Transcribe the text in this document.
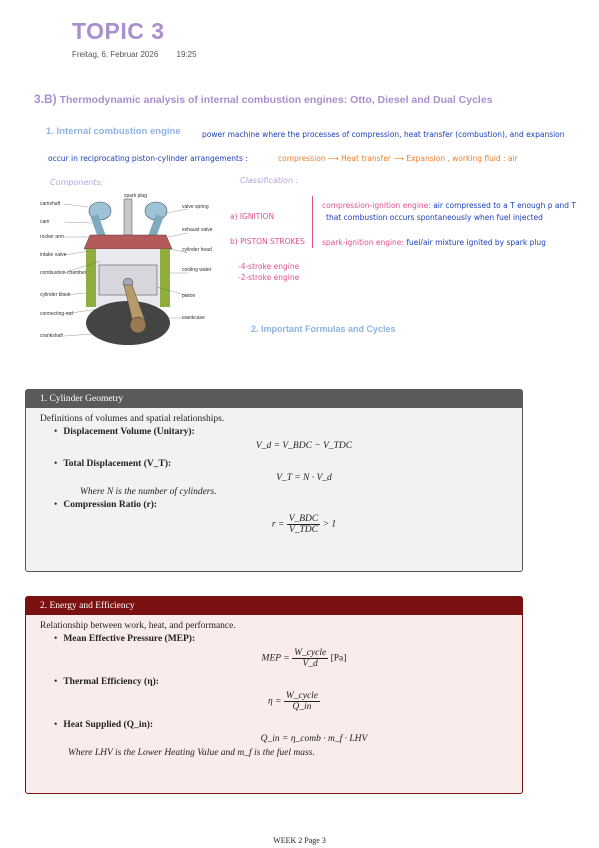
TOPIC 3
Freitag, 6. Februar 2026 19:25
3.B) Thermodynamic analysis of internal combustion engines: Otto, Diesel and Dual Cycles
1. Internal combustion engine	power machine where the processes of compression, heat transfer (combustion), and expansion
occur in reciprocating piston-cylinder arrangements :	compression ⟶ Heat transfer ⟶ Expansion , working fluid : air
Components:	Classification :
a) IGNITION
b) PISTON STROKES
compression-ignition engine: air compressed to a T enough p and T
that combustion occurs spontaneously when fuel injected
spark-ignition engine: fuel/air mixture ignited by spark plug
-4-stroke engine
-2-stroke engine
2. Important Formulas and Cycles
camshaft
cam
rocker arm
intake valve
combustion chamber
cylinder block
connecting rod
crankshaft
spark plug
valve spring
exhaust valve
cylinder head
cooling water
piston
crankcase
1. Cylinder Geometry
Definitions of volumes and spatial relationships.
• Displacement Volume (Unitary):
V_d = V_BDC − V_TDC
• Total Displacement (V_T):
V_T = N · V_d
Where N is the number of cylinders.
• Compression Ratio (r):
$r = \frac{\text{V\_BDC}}{\text{V\_TDC}} > 1$
2. Energy and Efficiency
Relationship between work, heat, and performance.
• Mean Effective Pressure (MEP):
MEP = $\frac{\text{W\_cycle}}{V\_d} [Pa]$
• Thermal Efficiency (η):
$\eta = \frac{\text{W\_cycle}}{Q\_in}$
• Heat Supplied (Q_in):
Q_in = η_comb · m_f · LHV
Where LHV is the Lower Heating Value and m_f is the fuel mass.
WEEK 2 Page 3
